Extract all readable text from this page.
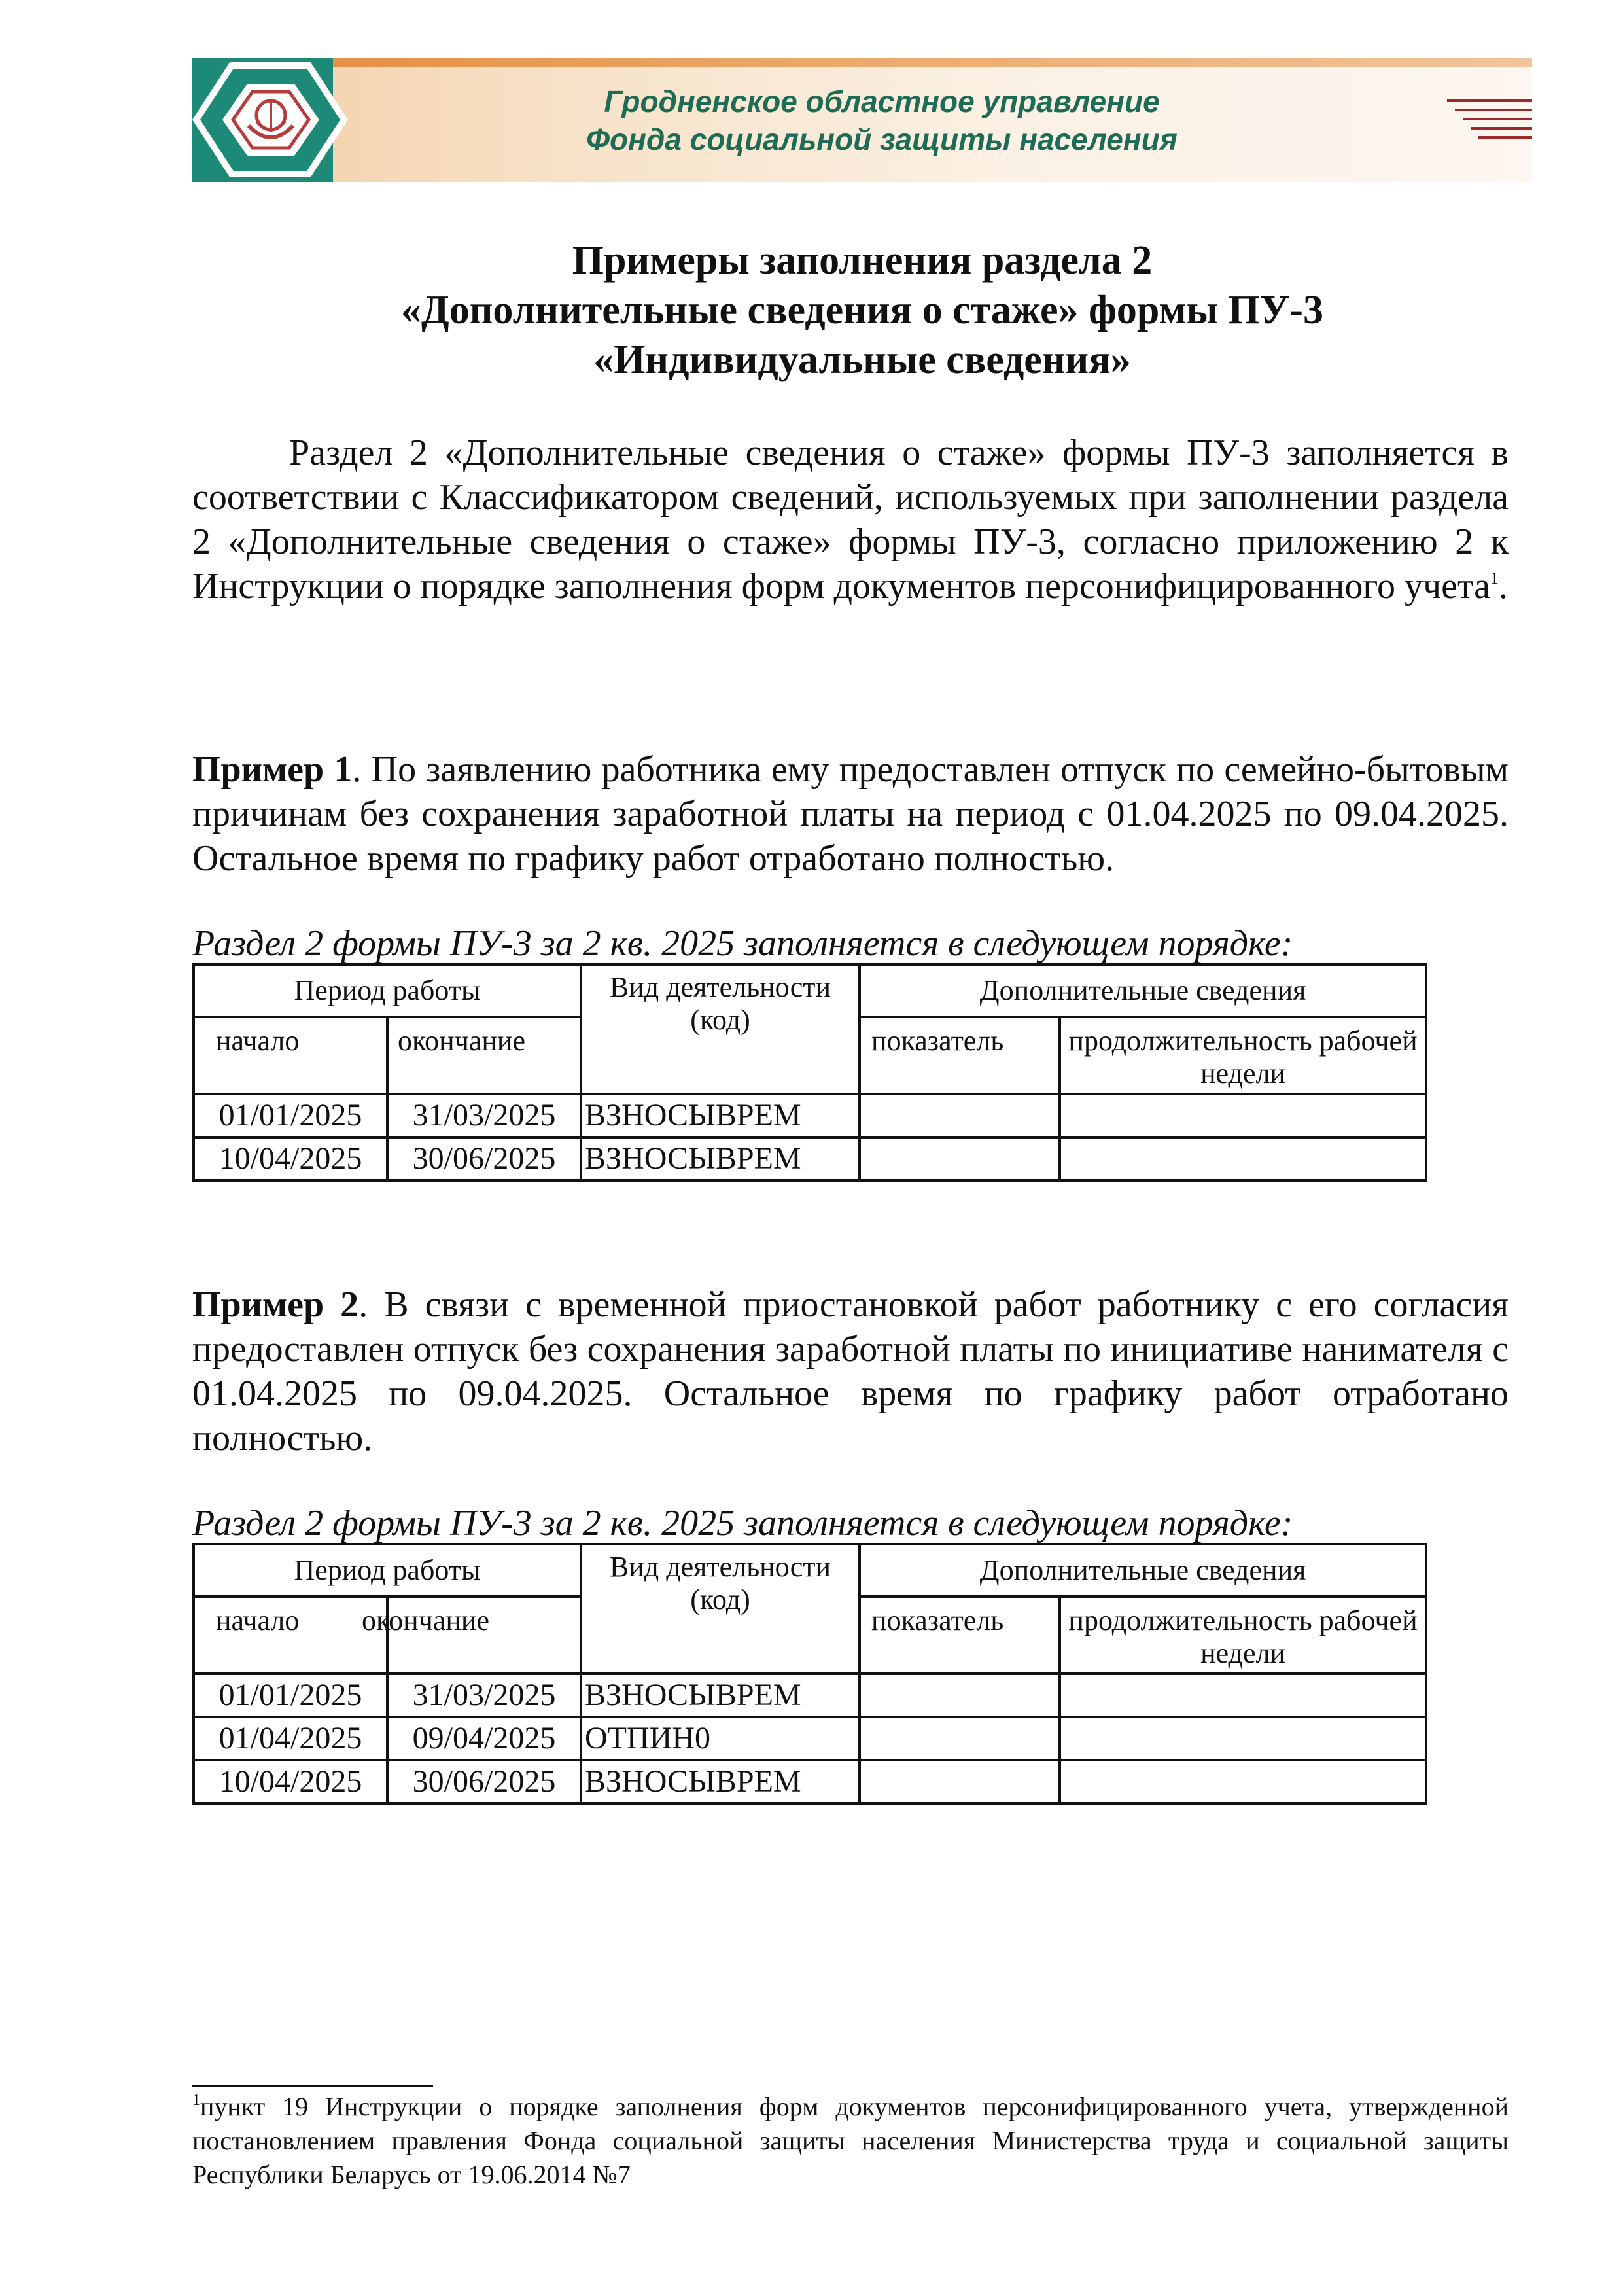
Гродненское областное управление
Фонда социальной защиты населения
Примеры заполнения раздела 2
«Дополнительные сведения о стаже» формы ПУ-3
«Индивидуальные сведения»
Раздел 2 «Дополнительные сведения о стаже» формы ПУ-3 заполняется в соответствии с Классификатором сведений, используемых при заполнении раздела 2 «Дополнительные сведения о стаже» формы ПУ-3, согласно приложению 2 к Инструкции о порядке заполнения форм документов персонифицированного учета$^1$.
Пример 1. По заявлению работника ему предоставлен отпуск по семейно-бытовым причинам без сохранения заработной платы на период с 01.04.2025 по 09.04.2025. Остальное время по графику работ отработано полностью.
Раздел 2 формы ПУ-3 за 2 кв. 2025 заполняется в следующем порядке:
Период работы		Вид деятельности (код)	Дополнительные сведения	
начало	окончание		показатель	продолжительность рабочей недели
01/01/2025	31/03/2025	ВЗНОСЫВРЕМ		
10/04/2025	30/06/2025	ВЗНОСЫВРЕМ		
Пример 2. В связи с временной приостановкой работ работнику с его согласия предоставлен отпуск без сохранения заработной платы по инициативе нанимателя с 01.04.2025 по 09.04.2025. Остальное время по графику работ отработано полностью.
Раздел 2 формы ПУ-3 за 2 кв. 2025 заполняется в следующем порядке:
Период работы		Вид деятельности (код)	Дополнительные сведения	
начало	окончание		показатель	продолжительность рабочей недели
01/01/2025	31/03/2025	ВЗНОСЫВРЕМ		
01/04/2025	09/04/2025	ОТПИН0		
10/04/2025	30/06/2025	ВЗНОСЫВРЕМ		
$^1$пункт 19 Инструкции о порядке заполнения форм документов персонифицированного учета, утвержденной постановлением правления Фонда социальной защиты населения Министерства труда и социальной защиты Республики Беларусь от 19.06.2014 №7
